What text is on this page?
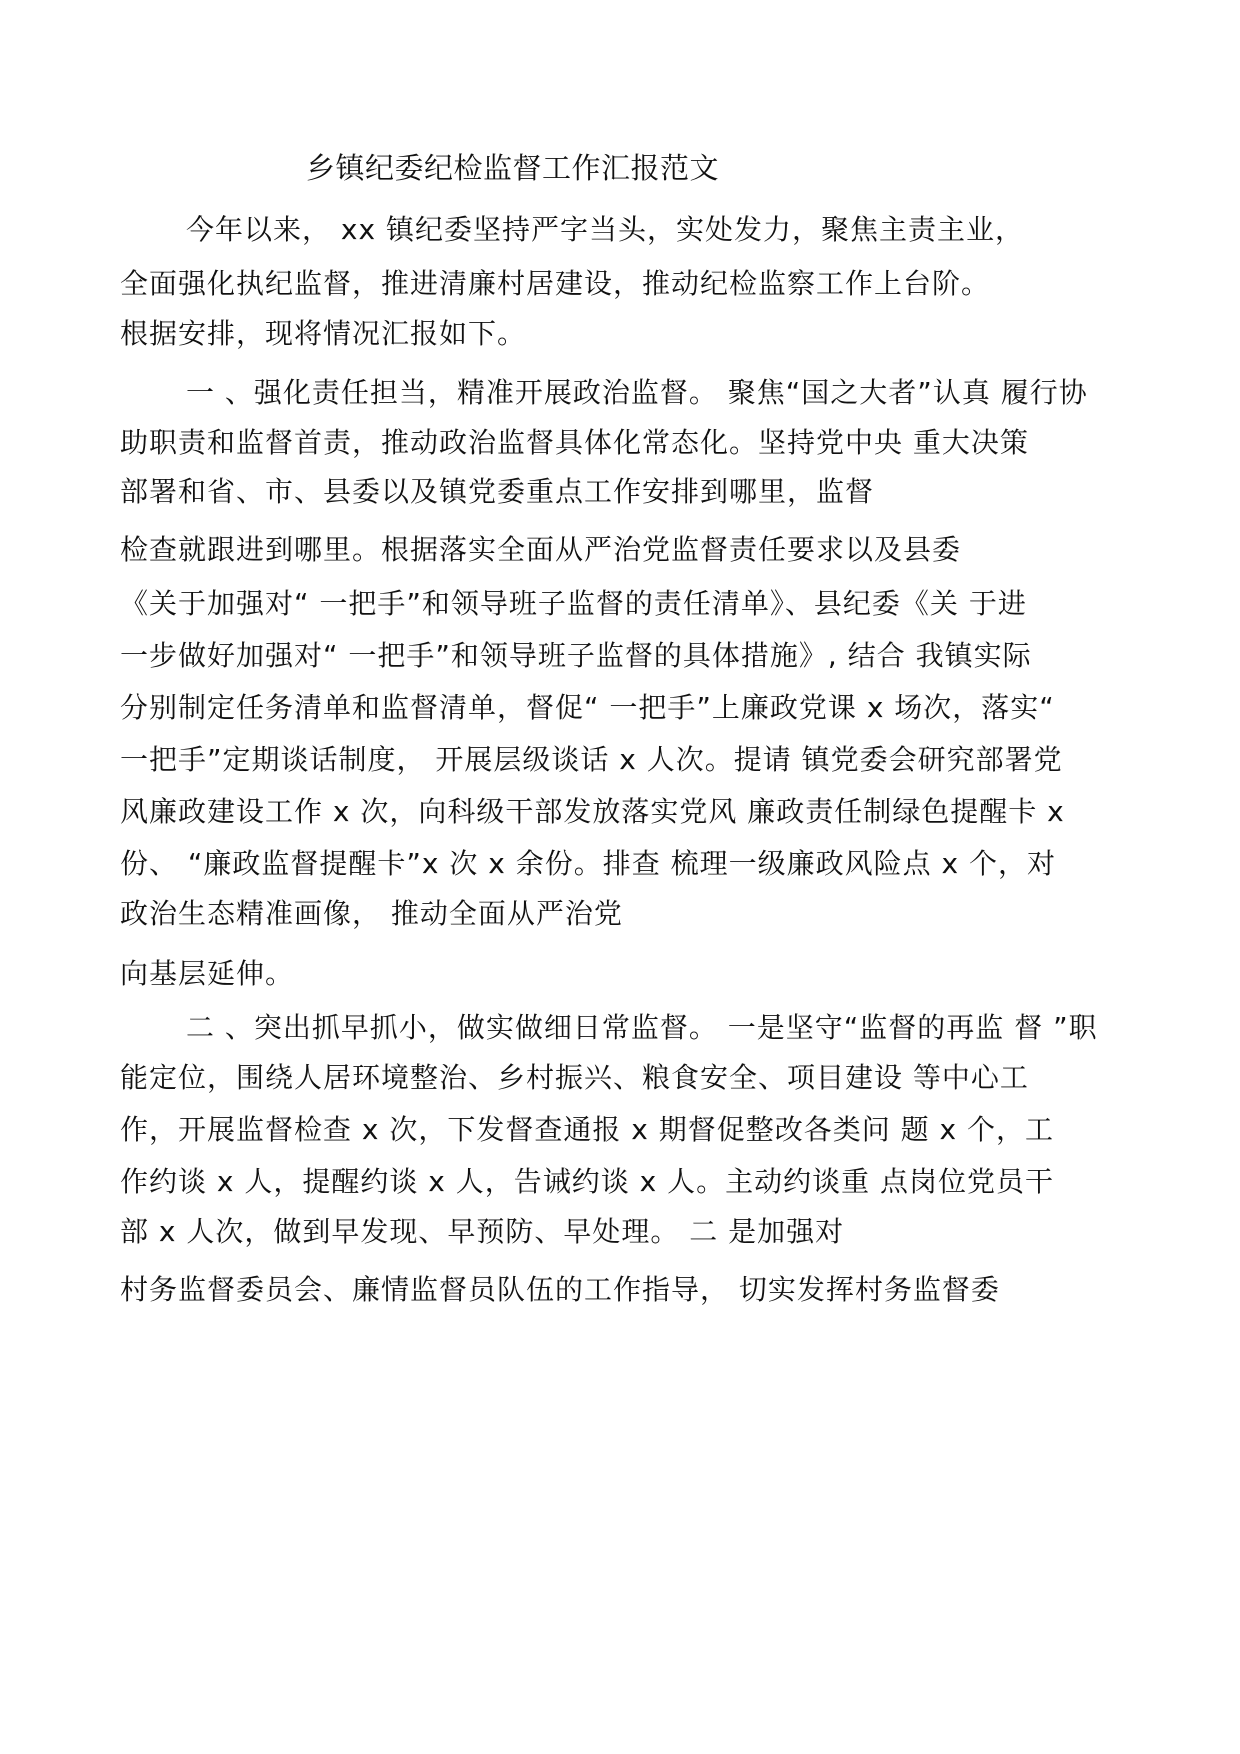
乡镇纪委纪检监督工作汇报范文
今年以来， xx 镇纪委坚持严字当头，实处发力，聚焦主责主业，
全面强化执纪监督，推进清廉村居建设，推动纪检监察工作上台阶。
根据安排，现将情况汇报如下。
一 、强化责任担当，精准开展政治监督。 聚焦“国之大者”认真 履行协
助职责和监督首责，推动政治监督具体化常态化。坚持党中央 重大决策
部署和省、市、县委以及镇党委重点工作安排到哪里，监督
检查就跟进到哪里。根据落实全面从严治党监督责任要求以及县委
《关于加强对“ 一把手”和领导班子监督的责任清单》、县纪委《关 于进
一步做好加强对“ 一把手”和领导班子监督的具体措施》, 结合 我镇实际
分别制定任务清单和监督清单，督促“ 一把手”上廉政党课 x 场次，落实“
一把手”定期谈话制度， 开展层级谈话 x 人次。提请 镇党委会研究部署党
风廉政建设工作 x 次，向科级干部发放落实党风 廉政责任制绿色提醒卡 x
份、 “廉政监督提醒卡”x 次 x 余份。排查 梳理一级廉政风险点 x 个，对
政治生态精准画像， 推动全面从严治党
向基层延伸。
二 、突出抓早抓小，做实做细日常监督。 一是坚守“监督的再监 督 ”职
能定位，围绕人居环境整治、乡村振兴、粮食安全、项目建设 等中心工
作，开展监督检查 x 次，下发督查通报 x 期督促整改各类问 题 x 个，工
作约谈 x 人，提醒约谈 x 人，告诫约谈 x 人。主动约谈重 点岗位党员干
部 x 人次，做到早发现、早预防、早处理。 二 是加强对
村务监督委员会、廉情监督员队伍的工作指导， 切实发挥村务监督委
